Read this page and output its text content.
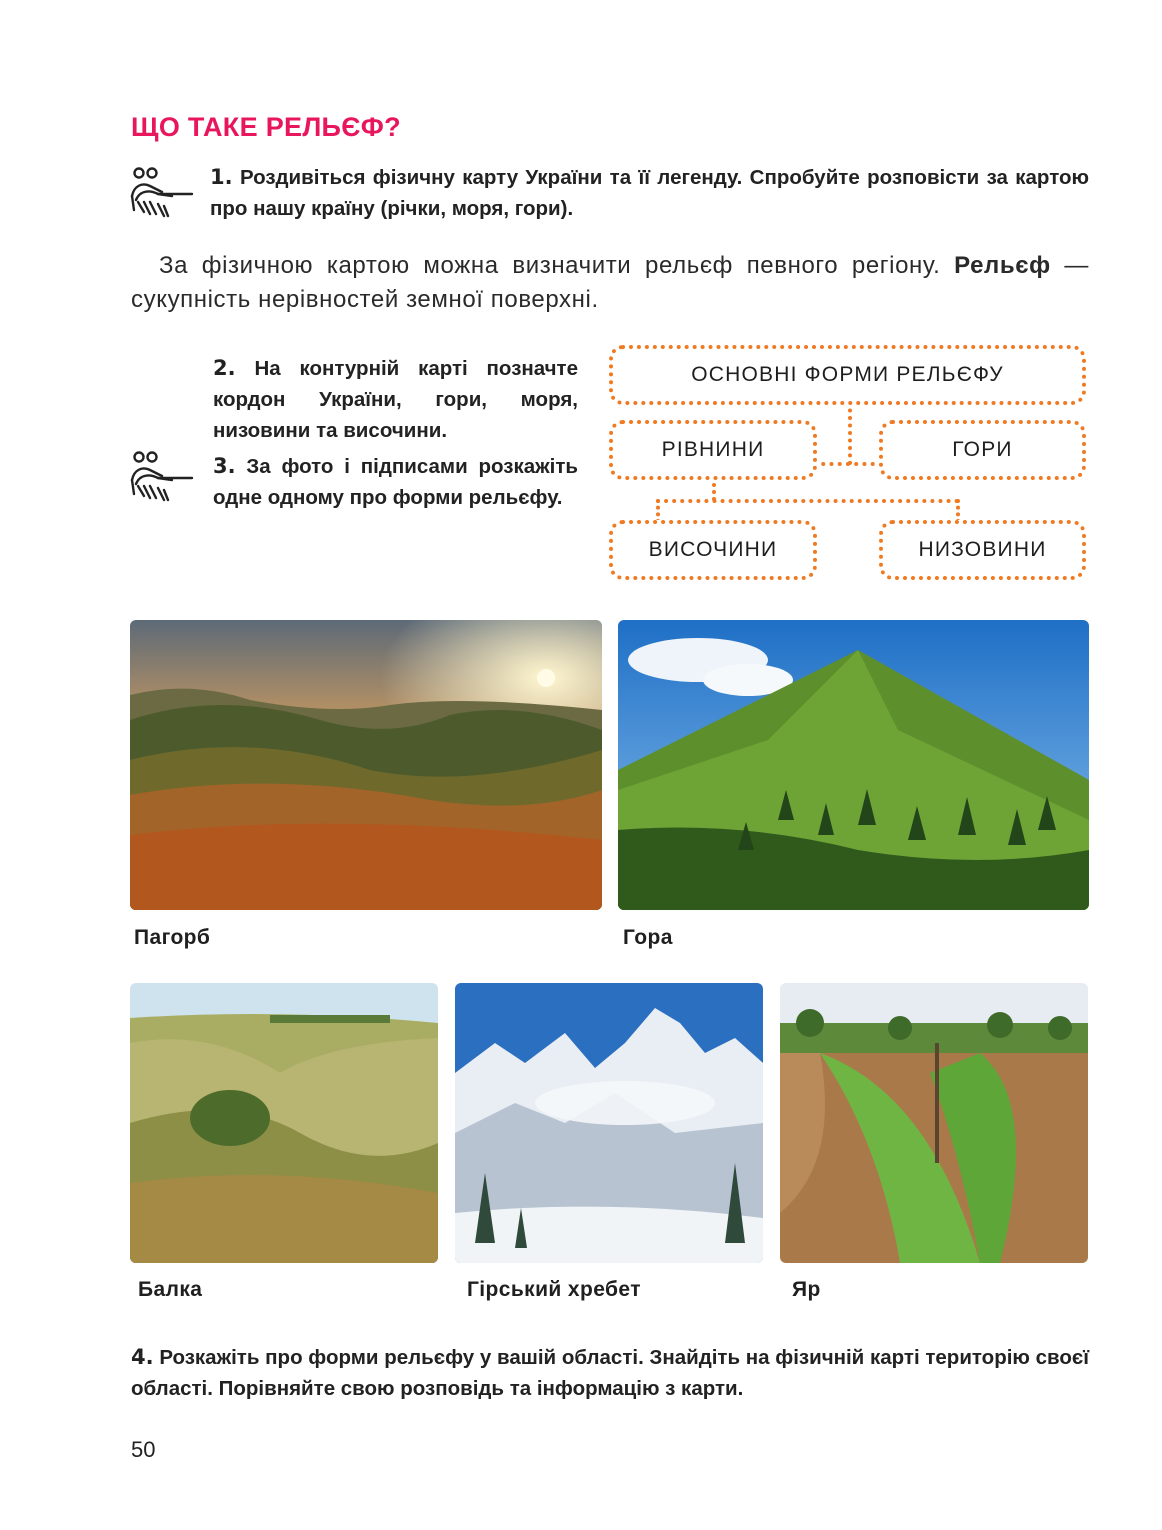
ЩО ТАКЕ РЕЛЬЄФ?
1. Роздивіться фізичну карту України та її легенду. Спробуйте розповісти за картою про нашу країну (річки, моря, гори).
За фізичною картою можна визначити рельєф певного регіону. Рельєф — сукупність нерівностей земної поверхні.
2. На контурній карті позначте кордон України, гори, моря, низовини та височини.
3. За фото і підписами розкажіть одне одному про форми рельєфу.
ОСНОВНІ ФОРМИ РЕЛЬЄФУ
РІВНИНИ	ГОРИ
ВИСОЧИНИ	НИЗОВИНИ
Пагорб	Гора
Балка	Гірський хребет	Яр
4. Розкажіть про форми рельєфу у вашій області. Знайдіть на фізичній карті територію своєї області. Порівняйте свою розповідь та інформацію з карти.
50
